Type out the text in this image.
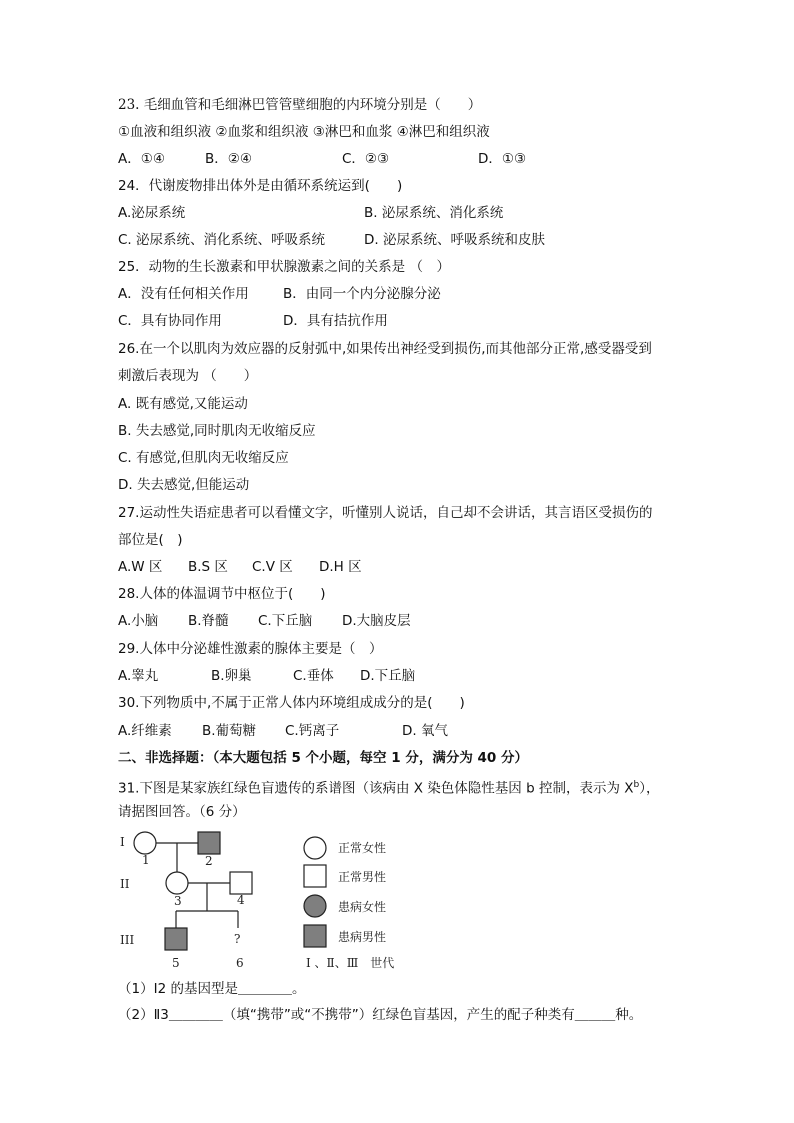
23. 毛细血管和毛细淋巴管管壁细胞的内环境分别是（　　）
①血液和组织液 ②血浆和组织液 ③淋巴和血浆 ④淋巴和组织液
A．①④	B．②④	C．②③	D．①③
24．代谢废物排出体外是由循环系统运到(　　)
A.泌尿系统	B. 泌尿系统、消化系统
C. 泌尿系统、消化系统、呼吸系统	D. 泌尿系统、呼吸系统和皮肤
25．动物的生长激素和甲状腺激素之间的关系是 （　）
A．没有任何相关作用	B．由同一个内分泌腺分泌
C．具有协同作用	D．具有拮抗作用
26.在一个以肌肉为效应器的反射弧中,如果传出神经受到损伤,而其他部分正常,感受器受到
刺激后表现为 （　　）
A. 既有感觉,又能运动
B. 失去感觉,同时肌肉无收缩反应
C. 有感觉,但肌肉无收缩反应
D. 失去感觉,但能运动
27.运动性失语症患者可以看懂文字，听懂别人说话，自己却不会讲话，其言语区受损伤的
部位是(　)
A.W 区 B.S 区 C.V 区 D.H 区
28.人体的体温调节中枢位于(　　)
A.小脑 B.脊髓 C.下丘脑 D.大脑皮层
29.人体中分泌雄性激素的腺体主要是（　）
A.睾丸	B.卵巢	C.垂体 D.下丘脑
30.下列物质中,不属于正常人体内环境组成成分的是(　　)
A.纤维素 B.葡萄糖 C.钙离子	D. 氧气
二、非选择题：（本大题包括 5 个小题，每空 1 分，满分为 40 分）
31.下图是某家族红绿色盲遗传的系谱图（该病由 X 染色体隐性基因 b 控制，表示为 $X^b$），
请据图回答。（6 分）
I
II
III
1	2
3	4
?
5	6
正常女性
正常男性
患病女性
患病男性
Ⅰ 、Ⅱ、Ⅲ　世代
（1）Ⅰ2 的基因型是＿＿＿＿。
（2）Ⅱ3＿＿＿＿（填“携带”或“不携带”）红绿色盲基因，产生的配子种类有＿＿＿种。
